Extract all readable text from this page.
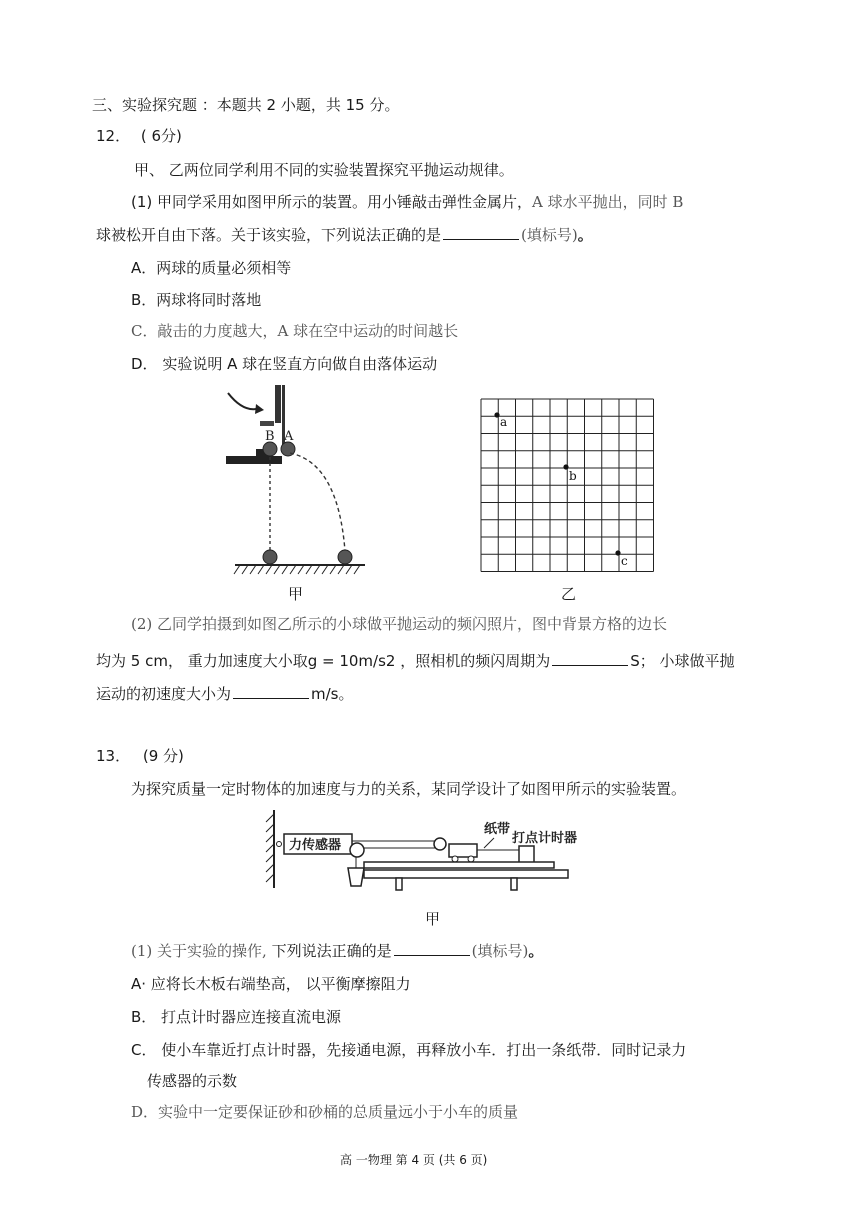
三、实验探究题 ：本题共 2 小题，共 15 分。
12． ( 6分)
甲、 乙两位同学利用不同的实验装置探究平抛运动规律。
(1) 甲同学采用如图甲所示的装置。用小锤敲击弹性金属片，A 球水平抛出，同时 B
球被松开自由下落。关于该实验，下列说法正确的是	(填标号)。
A．两球的质量必须相等
B．两球将同时落地
C．敲击的力度越大，A 球在空中运动的时间越长
D． 实验说明 A 球在竖直方向做自由落体运动
B A
甲
a
b
c
乙
(2) 乙同学拍摄到如图乙所示的小球做平抛运动的频闪照片，图中背景方格的边长
均为 5 cm， 重力加速度大小取g = 10m/s2 ，照相机的频闪周期为	S； 小球做平抛
运动的初速度大小为	m/s。
13． (9 分)
为探究质量一定时物体的加速度与力的关系，某同学设计了如图甲所示的实验装置。
力传感器
纸带
打点计时器
甲
(1) 关于实验的操作, 下列说法正确的是	(填标号)。
A· 应将长木板右端垫高， 以平衡摩擦阻力
B． 打点计时器应连接直流电源
C． 使小车靠近打点计时器，先接通电源，再释放小车．打出一条纸带．同时记录力
传感器的示数
D．实验中一定要保证砂和砂桶的总质量远小于小车的质量
高 一物理 第 4 页 (共 6 页)
